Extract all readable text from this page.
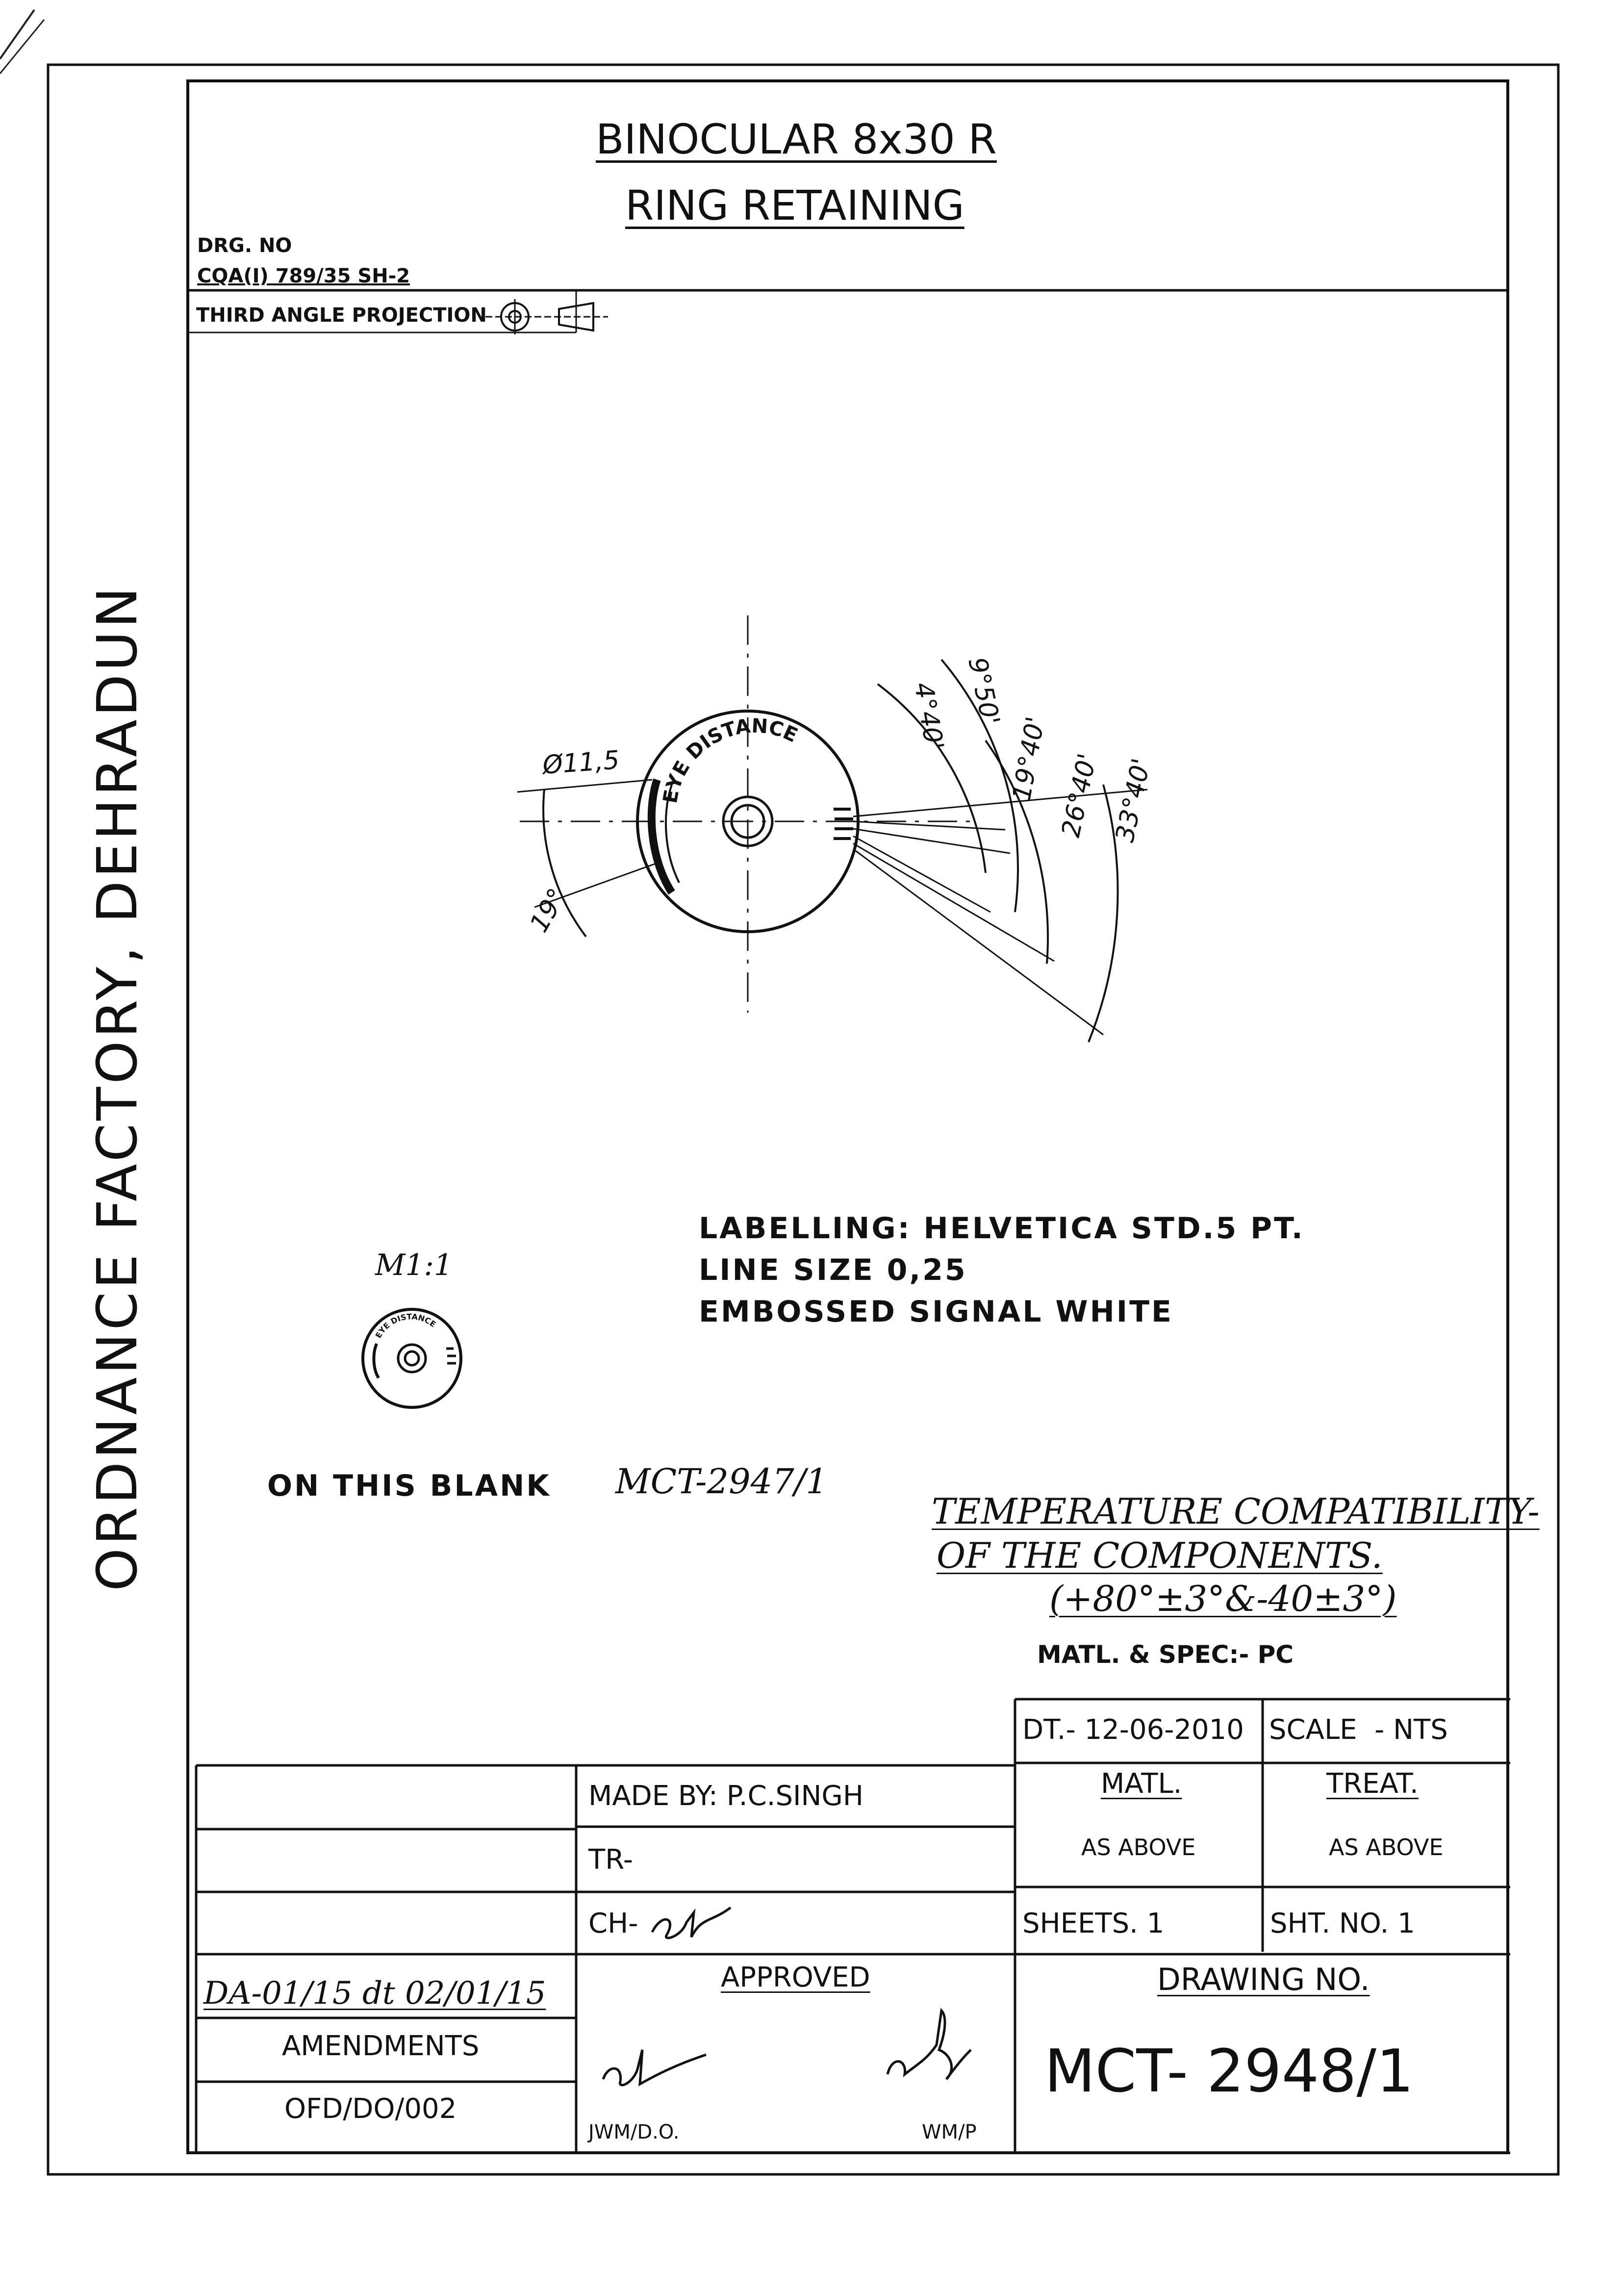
ORDNANCE FACTORY, DEHRADUN
BINOCULAR 8x30 R
RING RETAINING
DRG. NO
CQA(I) 789/35 SH-2
THIRD ANGLE PROJECTION
EYE DISTANCE
Ø11,5
19°
9°50'
4°40' 19°40' 26°40' 33°40'
M1:1
EYE DISTANCE
LABELLING: HELVETICA STD.5 PT.
LINE SIZE 0,25
EMBOSSED SIGNAL WHITE
ON THIS BLANK MCT-2947/1
TEMPERATURE COMPATIBILITY-
OF THE COMPONENTS.
(+80°±3°&-40±3°)
MATL. & SPEC:- PC
DT.- 12-06-2010 SCALE  - NTS
MADE BY: P.C.SINGH
TR-
CH-
MATL.
AS ABOVE
TREAT.
AS ABOVE
SHEETS. 1	SHT. NO. 1
DA-01/15 dt 02/01/15
AMENDMENTS
OFD/DO/002
APPROVED
JWM/D.O.	WM/P
DRAWING NO.
MCT- 2948/1
